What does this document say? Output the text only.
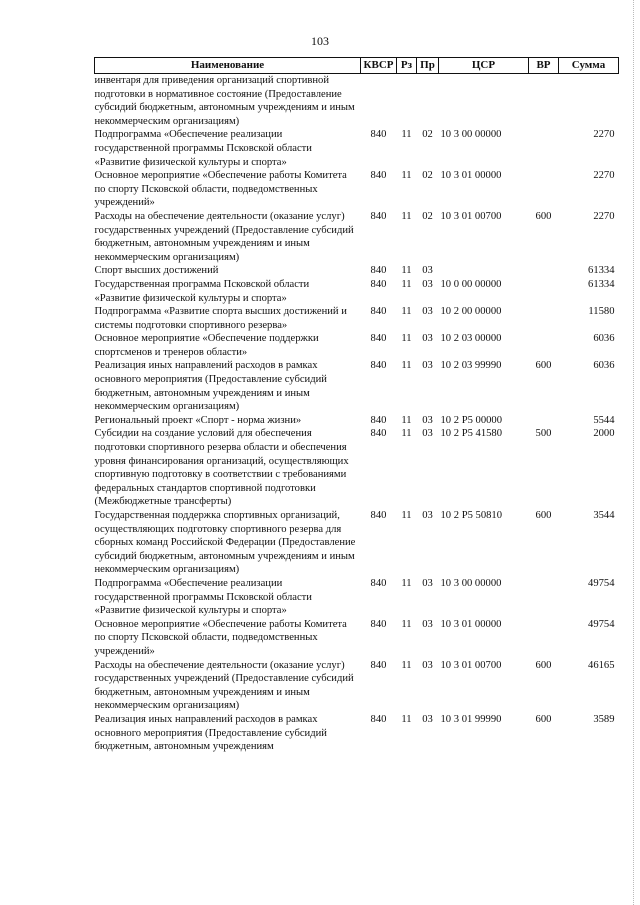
103
Наименование	КВСР	Рз	Пр	ЦСР	ВР	Сумма
инвентаря для приведения организаций спортивной подготовки в нормативное состояние (Предоставление субсидий бюджетным, автономным учреждениям и иным некоммерческим организациям)						
Подпрограмма «Обеспечение реализации государственной программы Псковской области «Развитие физической культуры и спорта»	840	11	02	10 3 00 00000		2270
Основное мероприятие «Обеспечение работы Комитета по спорту Псковской области, подведомственных учреждений»	840	11	02	10 3 01 00000		2270
Расходы на обеспечение деятельности (оказание услуг) государственных учреждений (Предоставление субсидий бюджетным, автономным учреждениям и иным некоммерческим организациям)	840	11	02	10 3 01 00700	600	2270
Спорт высших достижений	840	11	03			61334
Государственная программа Псковской области «Развитие физической культуры и спорта»	840	11	03	10 0 00 00000		61334
Подпрограмма «Развитие спорта высших достижений и системы подготовки спортивного резерва»	840	11	03	10 2 00 00000		11580
Основное мероприятие «Обеспечение поддержки спортсменов и тренеров области»	840	11	03	10 2 03 00000		6036
Реализация иных направлений расходов в рамках основного мероприятия (Предоставление субсидий бюджетным, автономным учреждениям и иным некоммерческим организациям)	840	11	03	10 2 03 99990	600	6036
Региональный проект «Спорт - норма жизни»	840	11	03	10 2 P5 00000		5544
Субсидии на создание условий для обеспечения подготовки спортивного резерва области и обеспечения уровня финансирования организаций, осуществляющих спортивную подготовку в соответствии с требованиями федеральных стандартов спортивной подготовки (Межбюджетные трансферты)	840	11	03	10 2 P5 41580	500	2000
Государственная поддержка спортивных организаций, осуществляющих подготовку спортивного резерва для сборных команд Российской Федерации (Предоставление субсидий бюджетным, автономным учреждениям и иным некоммерческим организациям)	840	11	03	10 2 P5 50810	600	3544
Подпрограмма «Обеспечение реализации государственной программы Псковской области «Развитие физической культуры и спорта»	840	11	03	10 3 00 00000		49754
Основное мероприятие «Обеспечение работы Комитета по спорту Псковской области, подведомственных учреждений»	840	11	03	10 3 01 00000		49754
Расходы на обеспечение деятельности (оказание услуг) государственных учреждений (Предоставление субсидий бюджетным, автономным учреждениям и иным некоммерческим организациям)	840	11	03	10 3 01 00700	600	46165
Реализация иных направлений расходов в рамках основного мероприятия (Предоставление субсидий бюджетным, автономным учреждениям	840	11	03	10 3 01 99990	600	3589
